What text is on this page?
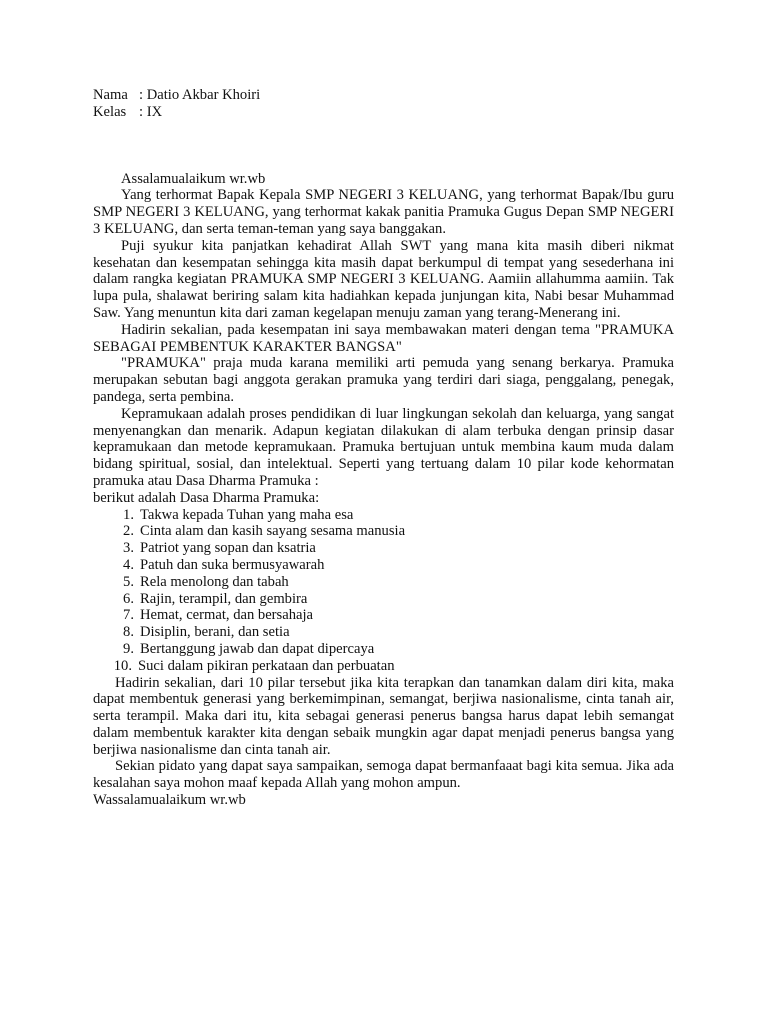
Nama : Datio Akbar Khoiri
Kelas : IX

Assalamualaikum wr.wb

Yang terhormat Bapak Kepala SMP NEGERI 3 KELUANG, yang terhormat Bapak/Ibu guru SMP NEGERI 3 KELUANG, yang terhormat kakak panitia Pramuka Gugus Depan SMP NEGERI 3 KELUANG, dan serta teman-teman yang saya banggakan.

Puji syukur kita panjatkan kehadirat Allah SWT yang mana kita masih diberi nikmat kesehatan dan kesempatan sehingga kita masih dapat berkumpul di tempat yang sesederhana ini dalam rangka kegiatan PRAMUKA SMP NEGERI 3 KELUANG. Aamiin allahumma aamiin. Tak lupa pula, shalawat beriring salam kita hadiahkan kepada junjungan kita, Nabi besar Muhammad Saw. Yang menuntun kita dari zaman kegelapan menuju zaman yang terang-Menerang ini.

Hadirin sekalian, pada kesempatan ini saya membawakan materi dengan tema "PRAMUKA SEBAGAI PEMBENTUK KARAKTER BANGSA"

"PRAMUKA" praja muda karana memiliki arti pemuda yang senang berkarya. Pramuka merupakan sebutan bagi anggota gerakan pramuka yang terdiri dari siaga, penggalang, penegak, pandega, serta pembina.

Kepramukaan adalah proses pendidikan di luar lingkungan sekolah dan keluarga, yang sangat menyenangkan dan menarik. Adapun kegiatan dilakukan di alam terbuka dengan prinsip dasar kepramukaan dan metode kepramukaan. Pramuka bertujuan untuk membina kaum muda dalam bidang spiritual, sosial, dan intelektual. Seperti yang tertuang dalam 10 pilar kode kehormatan pramuka atau Dasa Dharma Pramuka :

berikut adalah Dasa Dharma Pramuka:

1. Takwa kepada Tuhan yang maha esa
2. Cinta alam dan kasih sayang sesama manusia
3. Patriot yang sopan dan ksatria
4. Patuh dan suka bermusyawarah
5. Rela menolong dan tabah
6. Rajin, terampil, dan gembira
7. Hemat, cermat, dan bersahaja
8. Disiplin, berani, dan setia
9. Bertanggung jawab dan dapat dipercaya
10. Suci dalam pikiran perkataan dan perbuatan

Hadirin sekalian, dari 10 pilar tersebut jika kita terapkan dan tanamkan dalam diri kita, maka dapat membentuk generasi yang berkemimpinan, semangat, berjiwa nasionalisme, cinta tanah air, serta terampil. Maka dari itu, kita sebagai generasi penerus bangsa harus dapat lebih semangat dalam membentuk karakter kita dengan sebaik mungkin agar dapat menjadi penerus bangsa yang berjiwa nasionalisme dan cinta tanah air.

Sekian pidato yang dapat saya sampaikan, semoga dapat bermanfaaat bagi kita semua. Jika ada kesalahan saya mohon maaf kepada Allah yang mohon ampun.

Wassalamualaikum wr.wb
